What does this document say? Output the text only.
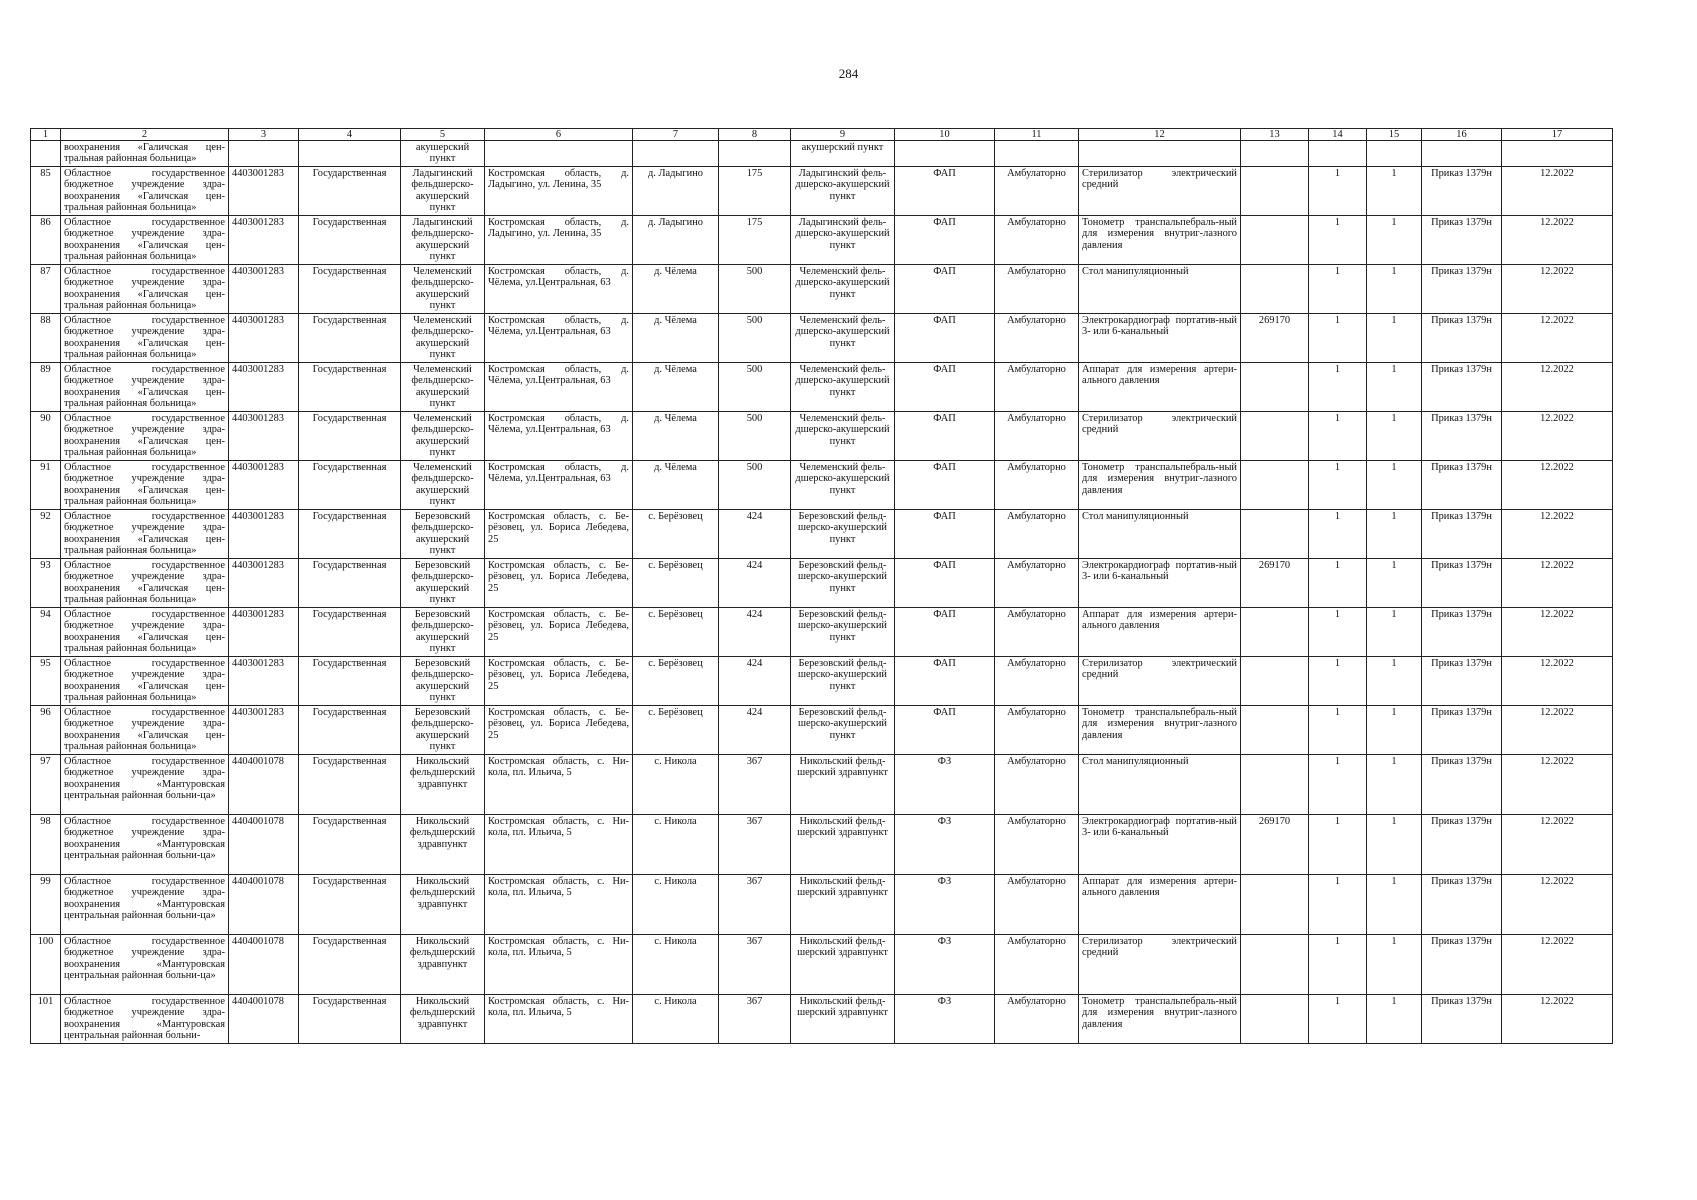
284
1	2	3	4	5	6	7	8	9	10	11	12	13	14	15	16	17
	воохранения «Галичская цен-тральная районная больница»			акушерский пункт				акушерский пункт								
85	Областное государственное бюджетное учреждение здра-воохранения «Галичская цен-тральная районная больница»	4403001283	Государственная	Ладыгинский фельдшерско-акушерский пункт	Костромская область, д. Ладыгино, ул. Ленина, 35	д. Ладыгино	175	Ладыгинский фель-дшерско-акушерский пункт	ФАП	Амбулаторно	Стерилизатор электрический средний		1	1	Приказ 1379н	12.2022
86	Областное государственное бюджетное учреждение здра-воохранения «Галичская цен-тральная районная больница»	4403001283	Государственная	Ладыгинский фельдшерско-акушерский пункт	Костромская область, д. Ладыгино, ул. Ленина, 35	д. Ладыгино	175	Ладыгинский фель-дшерско-акушерский пункт	ФАП	Амбулаторно	Тонометр транспальпебраль-ный для измерения внутриг-лазного давления		1	1	Приказ 1379н	12.2022
87	Областное государственное бюджетное учреждение здра-воохранения «Галичская цен-тральная районная больница»	4403001283	Государственная	Челеменский фельдшерско-акушерский пункт	Костромская область, д. Чёлема, ул.Центральная, 63	д. Чёлема	500	Челеменский фель-дшерско-акушерский пункт	ФАП	Амбулаторно	Стол манипуляционный		1	1	Приказ 1379н	12.2022
88	Областное государственное бюджетное учреждение здра-воохранения «Галичская цен-тральная районная больница»	4403001283	Государственная	Челеменский фельдшерско-акушерский пункт	Костромская область, д. Чёлема, ул.Центральная, 63	д. Чёлема	500	Челеменский фель-дшерско-акушерский пункт	ФАП	Амбулаторно	Электрокардиограф портатив-ный 3- или 6-канальный	269170	1	1	Приказ 1379н	12.2022
89	Областное государственное бюджетное учреждение здра-воохранения «Галичская цен-тральная районная больница»	4403001283	Государственная	Челеменский фельдшерско-акушерский пункт	Костромская область, д. Чёлема, ул.Центральная, 63	д. Чёлема	500	Челеменский фель-дшерско-акушерский пункт	ФАП	Амбулаторно	Аппарат для измерения артери-ального давления		1	1	Приказ 1379н	12.2022
90	Областное государственное бюджетное учреждение здра-воохранения «Галичская цен-тральная районная больница»	4403001283	Государственная	Челеменский фельдшерско-акушерский пункт	Костромская область, д. Чёлема, ул.Центральная, 63	д. Чёлема	500	Челеменский фель-дшерско-акушерский пункт	ФАП	Амбулаторно	Стерилизатор электрический средний		1	1	Приказ 1379н	12.2022
91	Областное государственное бюджетное учреждение здра-воохранения «Галичская цен-тральная районная больница»	4403001283	Государственная	Челеменский фельдшерско-акушерский пункт	Костромская область, д. Чёлема, ул.Центральная, 63	д. Чёлема	500	Челеменский фель-дшерско-акушерский пункт	ФАП	Амбулаторно	Тонометр транспальпебраль-ный для измерения внутриг-лазного давления		1	1	Приказ 1379н	12.2022
92	Областное государственное бюджетное учреждение здра-воохранения «Галичская цен-тральная районная больница»	4403001283	Государственная	Березовский фельдшерско-акушерский пункт	Костромская область, с. Бе-рёзовец, ул. Бориса Лебедева, 25	с. Берёзовец	424	Березовский фельд-шерско-акушерский пункт	ФАП	Амбулаторно	Стол манипуляционный		1	1	Приказ 1379н	12.2022
93	Областное государственное бюджетное учреждение здра-воохранения «Галичская цен-тральная районная больница»	4403001283	Государственная	Березовский фельдшерско-акушерский пункт	Костромская область, с. Бе-рёзовец, ул. Бориса Лебедева, 25	с. Берёзовец	424	Березовский фельд-шерско-акушерский пункт	ФАП	Амбулаторно	Электрокардиограф портатив-ный 3- или 6-канальный	269170	1	1	Приказ 1379н	12.2022
94	Областное государственное бюджетное учреждение здра-воохранения «Галичская цен-тральная районная больница»	4403001283	Государственная	Березовский фельдшерско-акушерский пункт	Костромская область, с. Бе-рёзовец, ул. Бориса Лебедева, 25	с. Берёзовец	424	Березовский фельд-шерско-акушерский пункт	ФАП	Амбулаторно	Аппарат для измерения артери-ального давления		1	1	Приказ 1379н	12.2022
95	Областное государственное бюджетное учреждение здра-воохранения «Галичская цен-тральная районная больница»	4403001283	Государственная	Березовский фельдшерско-акушерский пункт	Костромская область, с. Бе-рёзовец, ул. Бориса Лебедева, 25	с. Берёзовец	424	Березовский фельд-шерско-акушерский пункт	ФАП	Амбулаторно	Стерилизатор электрический средний		1	1	Приказ 1379н	12.2022
96	Областное государственное бюджетное учреждение здра-воохранения «Галичская цен-тральная районная больница»	4403001283	Государственная	Березовский фельдшерско-акушерский пункт	Костромская область, с. Бе-рёзовец, ул. Бориса Лебедева, 25	с. Берёзовец	424	Березовский фельд-шерско-акушерский пункт	ФАП	Амбулаторно	Тонометр транспальпебраль-ный для измерения внутриг-лазного давления		1	1	Приказ 1379н	12.2022
97	Областное государственное бюджетное учреждение здра-воохранения «Мантуровская центральная районная больни-ца»	4404001078	Государственная	Никольский фельдшерский здравпункт	Костромская область, с. Ни-кола, пл. Ильича, 5	с. Никола	367	Никольский фельд-шерский здравпункт	ФЗ	Амбулаторно	Стол манипуляционный		1	1	Приказ 1379н	12.2022
98	Областное государственное бюджетное учреждение здра-воохранения «Мантуровская центральная районная больни-ца»	4404001078	Государственная	Никольский фельдшерский здравпункт	Костромская область, с. Ни-кола, пл. Ильича, 5	с. Никола	367	Никольский фельд-шерский здравпункт	ФЗ	Амбулаторно	Электрокардиограф портатив-ный 3- или 6-канальный	269170	1	1	Приказ 1379н	12.2022
99	Областное государственное бюджетное учреждение здра-воохранения «Мантуровская центральная районная больни-ца»	4404001078	Государственная	Никольский фельдшерский здравпункт	Костромская область, с. Ни-кола, пл. Ильича, 5	с. Никола	367	Никольский фельд-шерский здравпункт	ФЗ	Амбулаторно	Аппарат для измерения артери-ального давления		1	1	Приказ 1379н	12.2022
100	Областное государственное бюджетное учреждение здра-воохранения «Мантуровская центральная районная больни-ца»	4404001078	Государственная	Никольский фельдшерский здравпункт	Костромская область, с. Ни-кола, пл. Ильича, 5	с. Никола	367	Никольский фельд-шерский здравпункт	ФЗ	Амбулаторно	Стерилизатор электрический средний		1	1	Приказ 1379н	12.2022
101	Областное государственное бюджетное учреждение здра-воохранения «Мантуровская центральная районная больни-	4404001078	Государственная	Никольский фельдшерский здравпункт	Костромская область, с. Ни-кола, пл. Ильича, 5	с. Никола	367	Никольский фельд-шерский здравпункт	ФЗ	Амбулаторно	Тонометр транспальпебраль-ный для измерения внутриг-лазного давления		1	1	Приказ 1379н	12.2022
